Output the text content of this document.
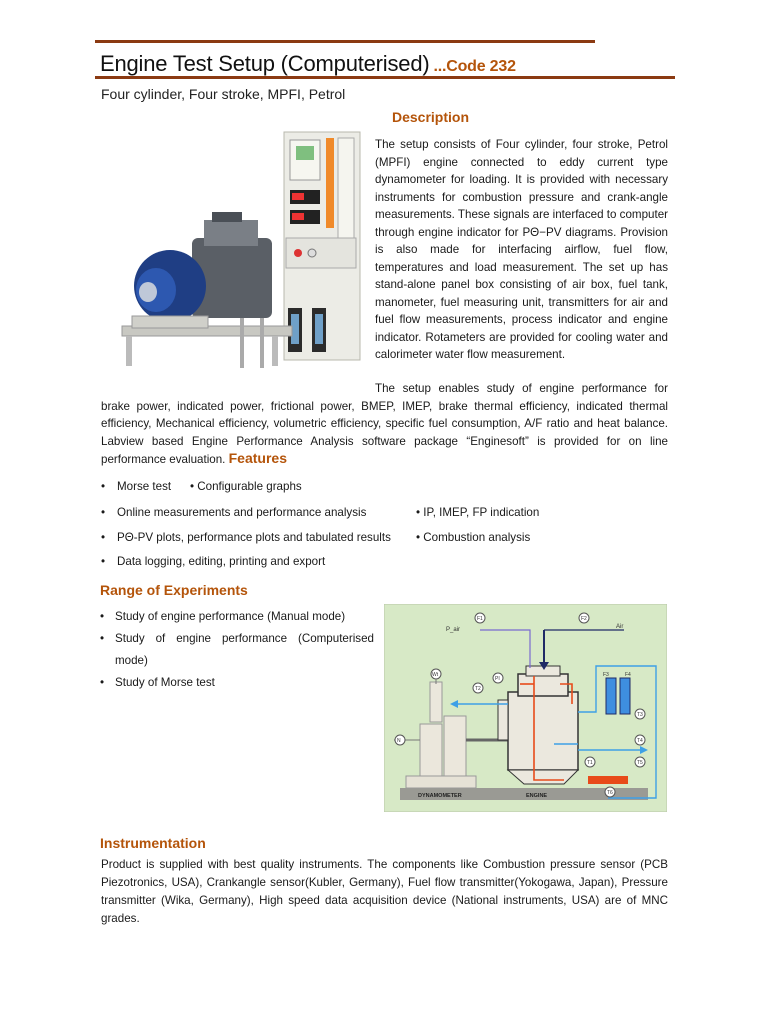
Engine Test Setup (Computerised) ...Code 232
Four cylinder, Four stroke, MPFI, Petrol
Description
The setup consists of Four cylinder, four stroke, Petrol (MPFI) engine connected to eddy current type dynamometer for loading. It is provided with necessary instruments for combustion pressure and crank-angle measurements. These signals are interfaced to computer through engine indicator for PΘ−PV diagrams. Provision is also made for interfacing airflow, fuel flow, temperatures and load measurement. The set up has stand-alone panel box consisting of air box, fuel tank, manometer, fuel measuring unit, transmitters for air and fuel flow measurements, process indicator and engine indicator. Rotameters are provided for cooling water and calorimeter water flow measurement.
The setup enables study of engine performance for brake power, indicated power, frictional power, BMEP, IMEP, brake thermal efficiency, indicated thermal efficiency, Mechanical efficiency, volumetric efficiency, specific fuel consumption, A/F ratio and heat balance. Labview based Engine Performance Analysis software package “Enginesoft” is provided for on line performance evaluation. Features
• Morse test • Configurable graphs
• Online measurements and performance analysis	• IP, IMEP, FP indication
• PΘ-PV plots, performance plots and tabulated results • Combustion analysis
• Data logging, editing, printing and export
Range of Experiments
• Study of engine performance (Manual mode)
• Study of engine performance (Computerised mode)
• Study of Morse test
N
Wt
F1	F2
P_air	Air
PI
T2
F3	F4
T3
T4
T5
T1
T6
DYNAMOMETER	ENGINE
Instrumentation
Product is supplied with best quality instruments. The components like Combustion pressure sensor (PCB Piezotronics, USA), Crankangle sensor(Kubler, Germany), Fuel flow transmitter(Yokogawa, Japan), Pressure transmitter (Wika, Germany), High speed data acquisition device (National instruments, USA) are of MNC grades.
